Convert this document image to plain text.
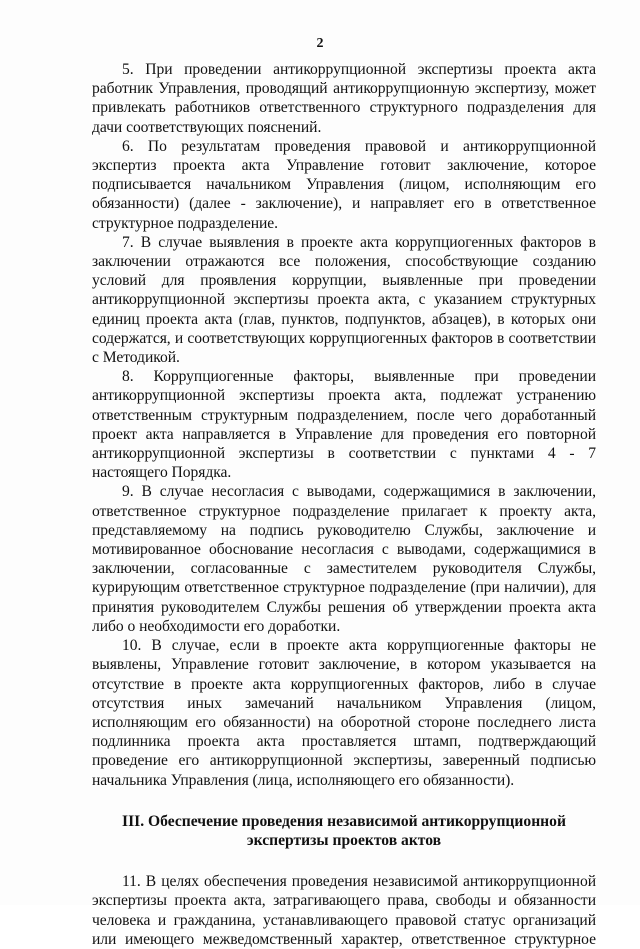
2

5. При проведении антикоррупционной экспертизы проекта акта работник Управления, проводящий антикоррупционную экспертизу, может привлекать работников ответственного структурного подразделения для дачи соответствующих пояснений.

6. По результатам проведения правовой и антикоррупционной экспертиз проекта акта Управление готовит заключение, которое подписывается начальником Управления (лицом, исполняющим его обязанности) (далее - заключение), и направляет его в ответственное структурное подразделение.

7. В случае выявления в проекте акта коррупциогенных факторов в заключении отражаются все положения, способствующие созданию условий для проявления коррупции, выявленные при проведении антикоррупционной экспертизы проекта акта, с указанием структурных единиц проекта акта (глав, пунктов, подпунктов, абзацев), в которых они содержатся, и соответствующих коррупциогенных факторов в соответствии с Методикой.

8. Коррупциогенные факторы, выявленные при проведении антикоррупционной экспертизы проекта акта, подлежат устранению ответственным структурным подразделением, после чего доработанный проект акта направляется в Управление для проведения его повторной антикоррупционной экспертизы в соответствии с пунктами 4 - 7 настоящего Порядка.

9. В случае несогласия с выводами, содержащимися в заключении, ответственное структурное подразделение прилагает к проекту акта, представляемому на подпись руководителю Службы, заключение и мотивированное обоснование несогласия с выводами, содержащимися в заключении, согласованные с заместителем руководителя Службы, курирующим ответственное структурное подразделение (при наличии), для принятия руководителем Службы решения об утверждении проекта акта либо о необходимости его доработки.

10. В случае, если в проекте акта коррупциогенные факторы не выявлены, Управление готовит заключение, в котором указывается на отсутствие в проекте акта коррупциогенных факторов, либо в случае отсутствия иных замечаний начальником Управления (лицом, исполняющим его обязанности) на оборотной стороне последнего листа подлинника проекта акта проставляется штамп, подтверждающий проведение его антикоррупционной экспертизы, заверенный подписью начальника Управления (лица, исполняющего его обязанности).

III. Обеспечение проведения независимой антикоррупционной
экспертизы проектов актов

11. В целях обеспечения проведения независимой антикоррупционной экспертизы проекта акта, затрагивающего права, свободы и обязанности человека и гражданина, устанавливающего правовой статус организаций или имеющего межведомственный характер, ответственное структурное
